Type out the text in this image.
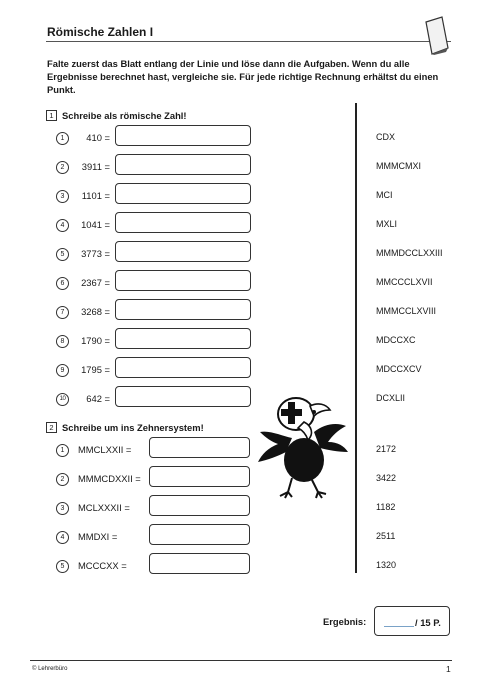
Römische Zahlen I
Falte zuerst das Blatt entlang der Linie und löse dann die Aufgaben. Wenn du alle Ergebnisse berechnet hast, vergleiche sie. Für jede richtige Rechnung erhältst du einen Punkt.
1 Schreibe als römische Zahl!
1	410 =	CDX
2	3911 =	MMMCMXI
3	1101 =	MCI
4	1041 =	MXLI
5	3773 =	MMMDCCLXXIII
6	2367 =	MMCCCLXVII
7	3268 =	MMMCCLXVIII
8	1790 =	MDCCXC
9	1795 =	MDCCXCV
10	642 =	DCXLII
2 Schreibe um ins Zehnersystem!
1	MMCLXXII =	2172
2	MMMCDXXII =	3422
3	MCLXXXII =	1182
4	MMDXI =	2511
5	MCCCXX =	1320
Ergebnis:	/ 15 P.
© Lehrerbüro	1
